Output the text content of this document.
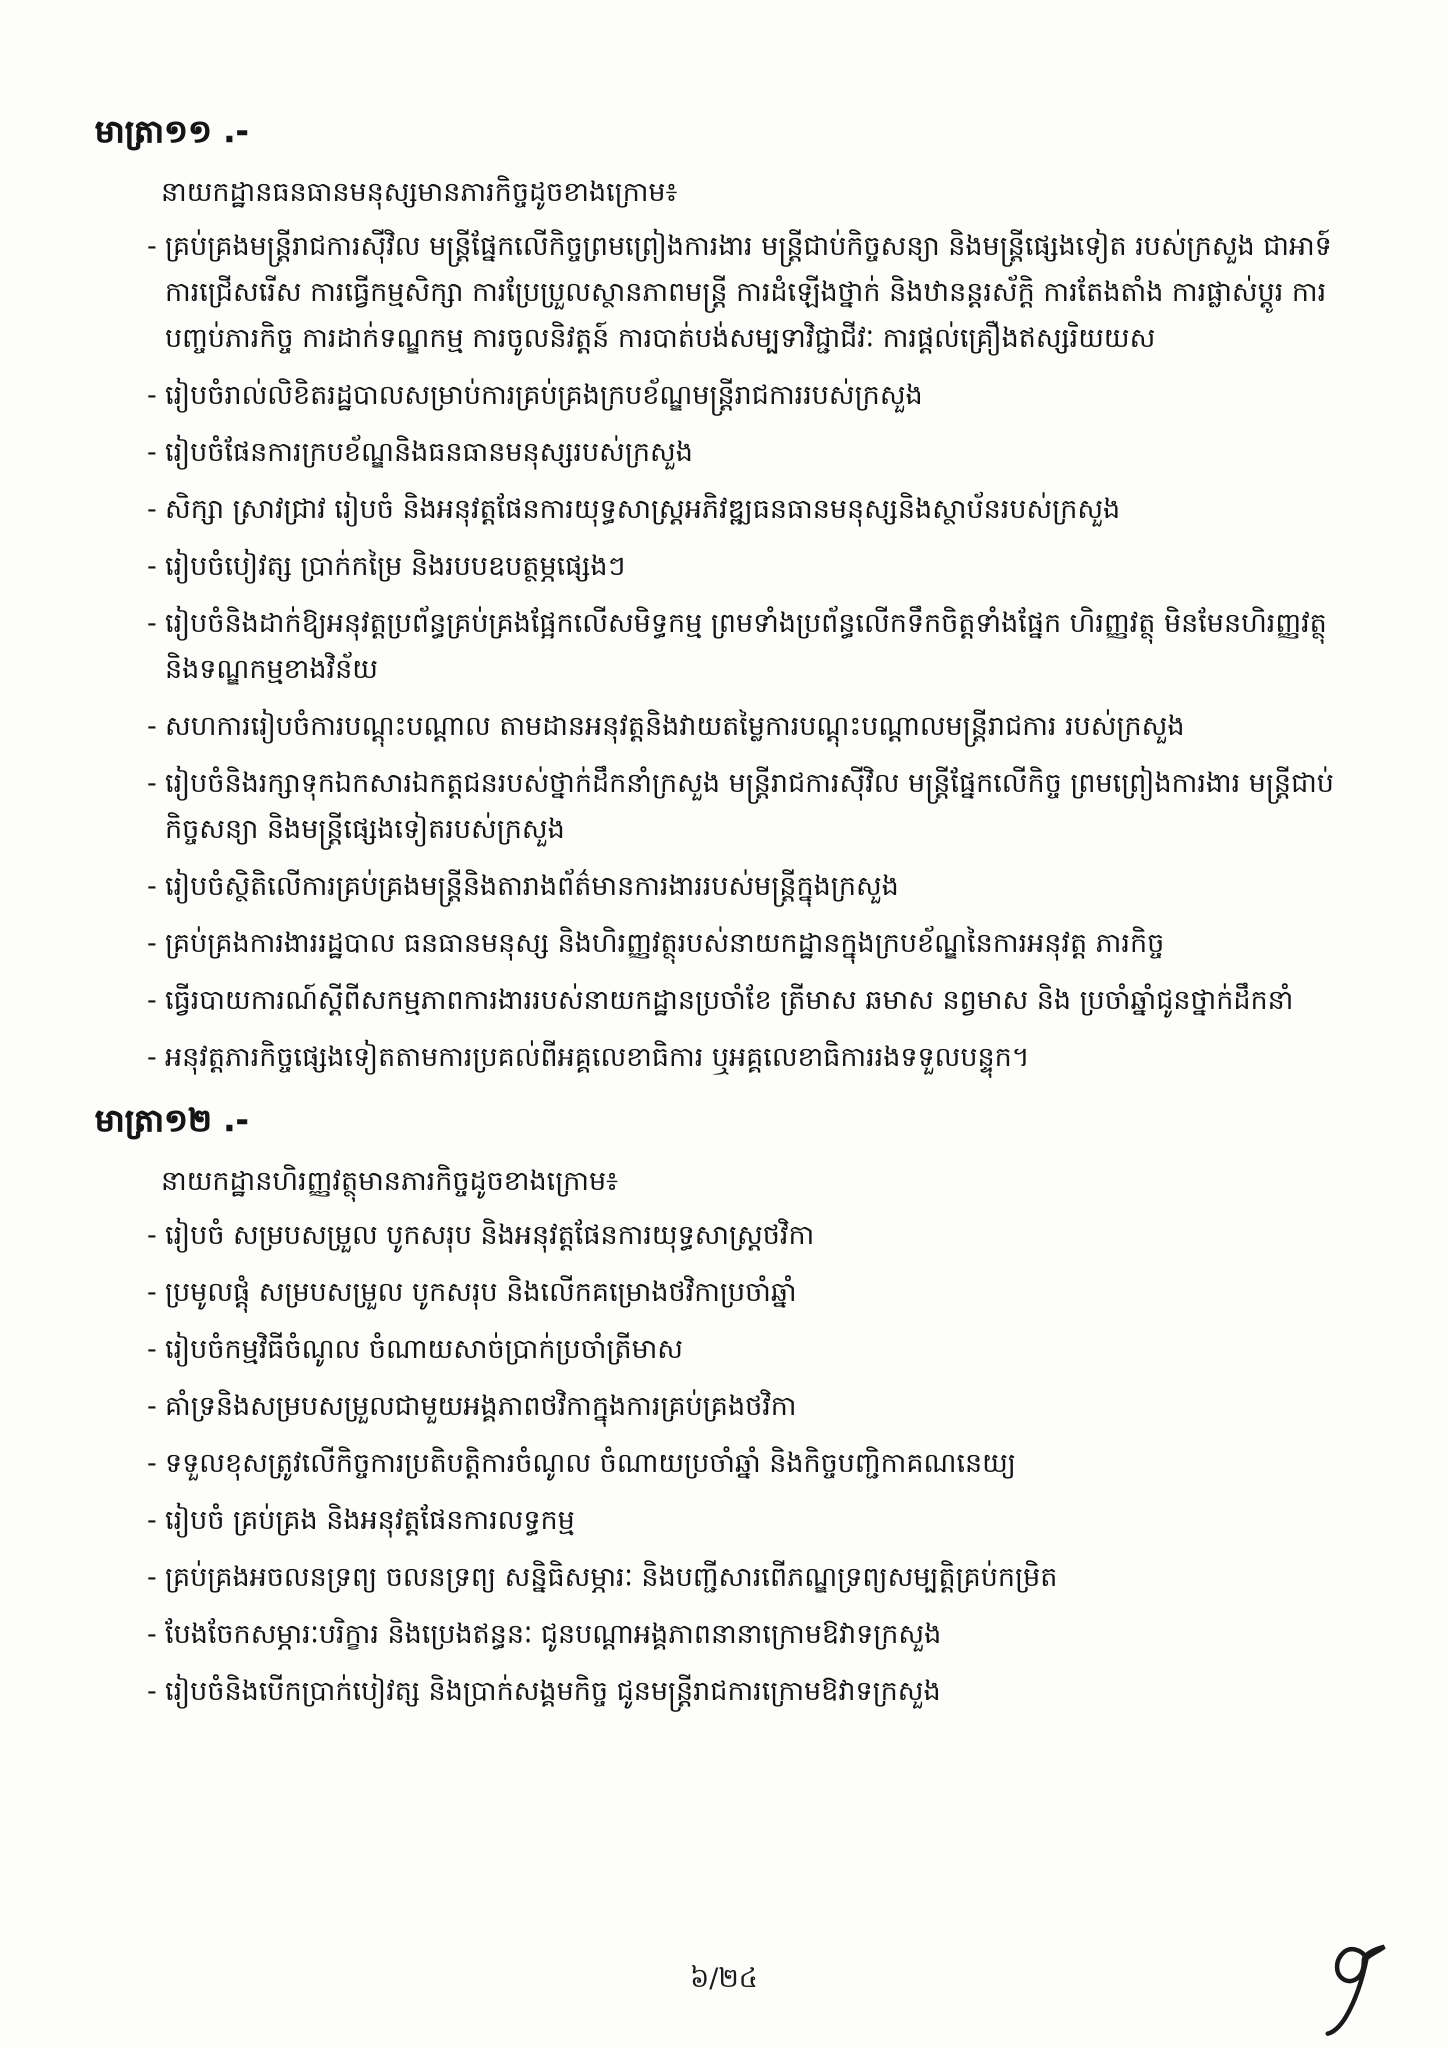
មាត្រា១១ .-
នាយកដ្ឋានធនធានមនុស្សមានភារកិច្ចដូចខាងក្រោម៖
- គ្រប់គ្រងមន្ត្រីរាជការស៊ីវិល មន្ត្រីផ្នែកលើកិច្ចព្រមព្រៀងការងារ មន្ត្រីជាប់កិច្ចសន្យា និងមន្ត្រីផ្សេងទៀត របស់ក្រសួង ជាអាទ៍ ការជ្រើសរើស ការធ្វើកម្មសិក្សា ការប្រែប្រួលស្ថានភាពមន្ត្រី ការដំឡើងថ្នាក់ និងឋានន្តរស័ក្តិ ការតែងតាំង ការផ្លាស់ប្តូរ ការបញ្ចប់ភារកិច្ច ការដាក់ទណ្ឌកម្ម ការចូលនិវត្តន៍ ការបាត់បង់សម្បទាវិជ្ជាជីវៈ ការផ្តល់គ្រឿងឥស្សរិយយស
- រៀបចំរាល់លិខិតរដ្ឋបាលសម្រាប់ការគ្រប់គ្រងក្របខ័ណ្ឌមន្ត្រីរាជការរបស់ក្រសួង
- រៀបចំផែនការក្របខ័ណ្ឌនិងធនធានមនុស្សរបស់ក្រសួង
- សិក្សា ស្រាវជ្រាវ រៀបចំ និងអនុវត្តផែនការយុទ្ធសាស្ត្រអភិវឌ្ឍធនធានមនុស្សនិងស្ថាប័នរបស់ក្រសួង
- រៀបចំបៀវត្ស ប្រាក់កម្រៃ និងរបបឧបត្ថម្ភផ្សេងៗ
- រៀបចំនិងដាក់ឱ្យអនុវត្តប្រព័ន្ធគ្រប់គ្រងផ្អែកលើសមិទ្ធកម្ម ព្រមទាំងប្រព័ន្ធលើកទឹកចិត្តទាំងផ្នែក ហិរញ្ញវត្ថុ មិនមែនហិរញ្ញវត្ថុ និងទណ្ឌកម្មខាងវិន័យ
- សហការរៀបចំការបណ្តុះបណ្តាល តាមដានអនុវត្តនិងវាយតម្លៃការបណ្តុះបណ្តាលមន្ត្រីរាជការ របស់ក្រសួង
- រៀបចំនិងរក្សាទុកឯកសារឯកត្តជនរបស់ថ្នាក់ដឹកនាំក្រសួង មន្ត្រីរាជការស៊ីវិល មន្ត្រីផ្នែកលើកិច្ច ព្រមព្រៀងការងារ មន្ត្រីជាប់កិច្ចសន្យា និងមន្ត្រីផ្សេងទៀតរបស់ក្រសួង
- រៀបចំស្ថិតិលើការគ្រប់គ្រងមន្ត្រីនិងតារាងព័ត៌មានការងាររបស់មន្ត្រីក្នុងក្រសួង
- គ្រប់គ្រងការងាររដ្ឋបាល ធនធានមនុស្ស និងហិរញ្ញវត្ថុរបស់នាយកដ្ឋានក្នុងក្របខ័ណ្ឌនៃការអនុវត្ត ភារកិច្ច
- ធ្វើរបាយការណ៍ស្តីពីសកម្មភាពការងាររបស់នាយកដ្ឋានប្រចាំខែ ត្រីមាស ឆមាស នព្វមាស និង ប្រចាំឆ្នាំជូនថ្នាក់ដឹកនាំ
- អនុវត្តភារកិច្ចផ្សេងទៀតតាមការប្រគល់ពីអគ្គលេខាធិការ ឬអគ្គលេខាធិការរងទទួលបន្ទុក។
មាត្រា១២ .-
នាយកដ្ឋានហិរញ្ញវត្ថុមានភារកិច្ចដូចខាងក្រោម៖
- រៀបចំ សម្របសម្រួល បូកសរុប និងអនុវត្តផែនការយុទ្ធសាស្ត្រថវិកា
- ប្រមូលផ្តុំ សម្របសម្រួល បូកសរុប និងលើកគម្រោងថវិកាប្រចាំឆ្នាំ
- រៀបចំកម្មវិធីចំណូល ចំណាយសាច់ប្រាក់ប្រចាំត្រីមាស
- គាំទ្រនិងសម្របសម្រួលជាមួយអង្គភាពថវិកាក្នុងការគ្រប់គ្រងថវិកា
- ទទួលខុសត្រូវលើកិច្ចការប្រតិបត្តិការចំណូល ចំណាយប្រចាំឆ្នាំ និងកិច្ចបញ្ជិកាគណនេយ្យ
- រៀបចំ គ្រប់គ្រង និងអនុវត្តផែនការលទ្ធកម្ម
- គ្រប់គ្រងអចលនទ្រព្យ ចលនទ្រព្យ សន្និធិសម្ភារៈ និងបញ្ជីសារពើភណ្ឌទ្រព្យសម្បត្តិគ្រប់កម្រិត
- បែងចែកសម្ភារៈបរិក្ខារ និងប្រេងឥន្ធនៈ ជូនបណ្តាអង្គភាពនានាក្រោមឱវាទក្រសួង
- រៀបចំនិងបើកប្រាក់បៀវត្ស និងប្រាក់សង្គមកិច្ច ជូនមន្ត្រីរាជការក្រោមឱវាទក្រសួង
៦/២៤
